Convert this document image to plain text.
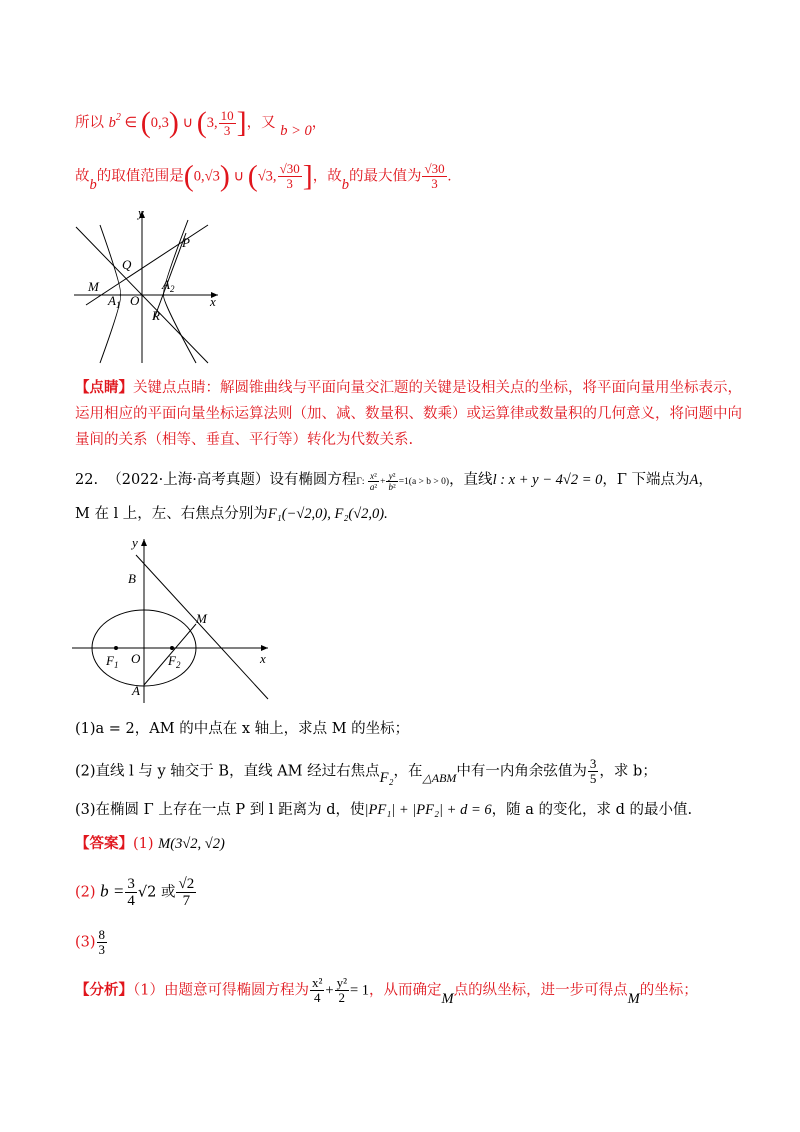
所以 $b^2$ ∈ (0,3) ∪ (3, $\frac{10}{3}$ ]，又 b > 0，
故b的取值范围是(0,√3) ∪ (√3, $\frac{√30}{3}$ ]，故b的最大值为 $\frac{√30}{3}$ .
y
x
P
Q
M
$A_1$ O
$A_2$
R
【点睛】关键点点睛：解圆锥曲线与平面向量交汇题的关键是设相关点的坐标，将平面向量用坐标表示，
运用相应的平面向量坐标运算法则（加、减、数量积、数乘）或运算律或数量积的几何意义，将问题中向
量间的关系（相等、垂直、平行等）转化为代数关系.
22. （2022·上海·高考真题）设有椭圆方程Γ: $\frac{\text{x²}}{\text{a²}} + \frac{\text{y²}}{\text{b²}} =1(a > b > 0)$，直线l : x + y − 4√2 = 0，Γ 下端点为A，
M 在 l 上，左、右焦点分别为F₁(−√2,0), F₂(√2,0).
y
x
B
M
O
$F_1$	$F_2$
A
(1)a = 2，AM 的中点在 x 轴上，求点 M 的坐标；
(2)直线 l 与 y 轴交于 B，直线 AM 经过右焦点F₂，在$_{\triangle ABM}$中有一内角余弦值为 $\frac{3}{5}$ ，求 b；
(3)在椭圆 Γ 上存在一点 P 到 l 距离为 d，使|PF₁| + |PF₂| + d = 6，随 a 的变化，求 d 的最小值.
【答案】(1) M(3√2, √2)
(2) $b = \frac{3}{4} √2$ 或 $\frac{√2}{7}$
$(3) \frac{8}{3}$
【分析】（1）由题意可得椭圆方程为 $\frac{\text{x²}}{4} + \frac{\text{y²}}{2} = 1$，从而确定M点的纵坐标，进一步可得点M的坐标；
